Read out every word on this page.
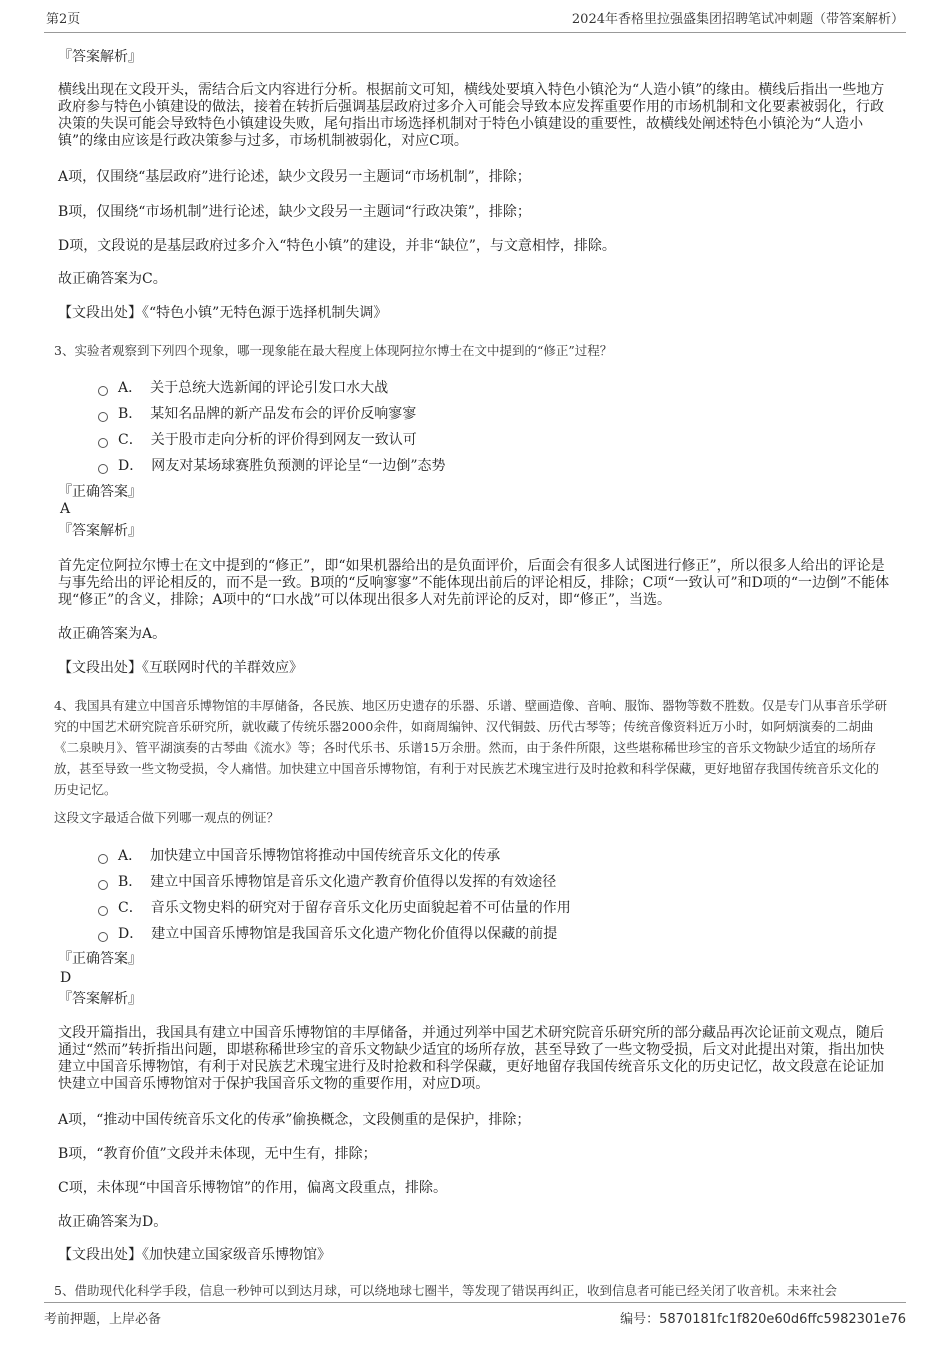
第2页	2024年香格里拉强盛集团招聘笔试冲刺题（带答案解析）
『答案解析』
横线出现在文段开头，需结合后文内容进行分析。根据前文可知，横线处要填入特色小镇沦为“人造小镇”的缘由。横线后指出一些地方政府参与特色小镇建设的做法，接着在转折后强调基层政府过多介入可能会导致本应发挥重要作用的市场机制和文化要素被弱化，行政决策的失误可能会导致特色小镇建设失败，尾句指出市场选择机制对于特色小镇建设的重要性，故横线处阐述特色小镇沦为“人造小镇”的缘由应该是行政决策参与过多，市场机制被弱化，对应C项。
A项，仅围绕“基层政府”进行论述，缺少文段另一主题词“市场机制”，排除；
B项，仅围绕“市场机制”进行论述，缺少文段另一主题词“行政决策”，排除；
D项，文段说的是基层政府过多介入“特色小镇”的建设，并非“缺位”，与文意相悖，排除。
故正确答案为C。
【文段出处】《“特色小镇”无特色源于选择机制失调》
3、实验者观察到下列四个现象，哪一现象能在最大程度上体现阿拉尔博士在文中提到的“修正”过程？
A． 关于总统大选新闻的评论引发口水大战
B． 某知名品牌的新产品发布会的评价反响寥寥
C． 关于股市走向分析的评价得到网友一致认可
D． 网友对某场球赛胜负预测的评论呈“一边倒”态势
『正确答案』
A
『答案解析』
首先定位阿拉尔博士在文中提到的“修正”，即“如果机器给出的是负面评价，后面会有很多人试图进行修正”，所以很多人给出的评论是与事先给出的评论相反的，而不是一致。B项的“反响寥寥”不能体现出前后的评论相反，排除；C项“一致认可”和D项的“一边倒”不能体现“修正”的含义，排除；A项中的“口水战”可以体现出很多人对先前评论的反对，即“修正”，当选。
故正确答案为A。
【文段出处】《互联网时代的羊群效应》
4、我国具有建立中国音乐博物馆的丰厚储备，各民族、地区历史遗存的乐器、乐谱、壁画造像、音响、服饰、器物等数不胜数。仅是专门从事音乐学研究的中国艺术研究院音乐研究所，就收藏了传统乐器2000余件，如商周编钟、汉代铜鼓、历代古琴等；传统音像资料近万小时，如阿炳演奏的二胡曲《二泉映月》、管平湖演奏的古琴曲《流水》等；各时代乐书、乐谱15万余册。然而，由于条件所限，这些堪称稀世珍宝的音乐文物缺少适宜的场所存放，甚至导致一些文物受损，令人痛惜。加快建立中国音乐博物馆，有利于对民族艺术瑰宝进行及时抢救和科学保藏，更好地留存我国传统音乐文化的历史记忆。
这段文字最适合做下列哪一观点的例证？
A． 加快建立中国音乐博物馆将推动中国传统音乐文化的传承
B． 建立中国音乐博物馆是音乐文化遗产教育价值得以发挥的有效途径
C． 音乐文物史料的研究对于留存音乐文化历史面貌起着不可估量的作用
D． 建立中国音乐博物馆是我国音乐文化遗产物化价值得以保藏的前提
『正确答案』
D
『答案解析』
文段开篇指出，我国具有建立中国音乐博物馆的丰厚储备，并通过列举中国艺术研究院音乐研究所的部分藏品再次论证前文观点，随后通过“然而”转折指出问题，即堪称稀世珍宝的音乐文物缺少适宜的场所存放，甚至导致了一些文物受损，后文对此提出对策，指出加快建立中国音乐博物馆，有利于对民族艺术瑰宝进行及时抢救和科学保藏，更好地留存我国传统音乐文化的历史记忆，故文段意在论证加快建立中国音乐博物馆对于保护我国音乐文物的重要作用，对应D项。
A项，“推动中国传统音乐文化的传承”偷换概念，文段侧重的是保护，排除；
B项，“教育价值”文段并未体现，无中生有，排除；
C项，未体现“中国音乐博物馆”的作用，偏离文段重点，排除。
故正确答案为D。
【文段出处】《加快建立国家级音乐博物馆》
5、借助现代化科学手段，信息一秒钟可以到达月球，可以绕地球七圈半，等发现了错误再纠正，收到信息者可能已经关闭了收音机。未来社会
考前押题，上岸必备	编号：5870181fc1f820e60d6ffc5982301e76
